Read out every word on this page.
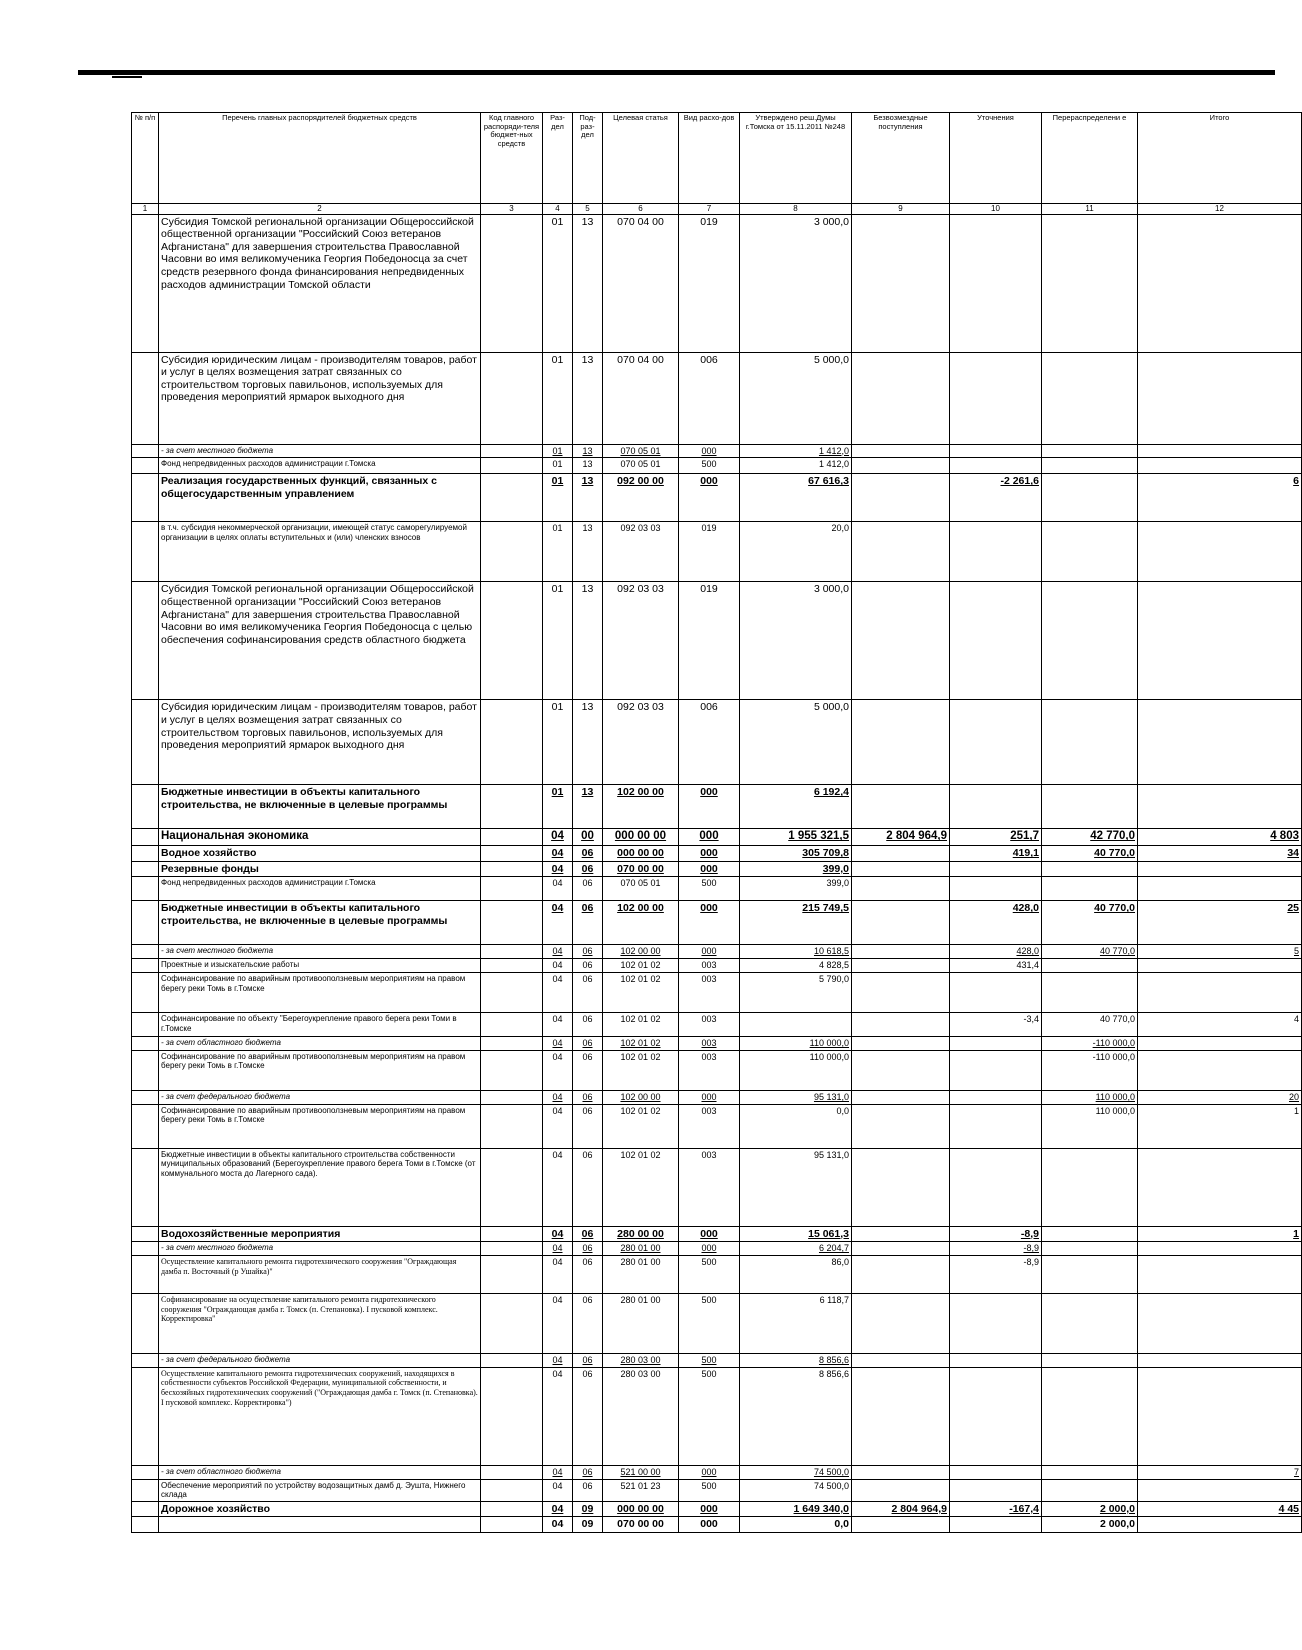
№ п/п	Перечень главных распорядителей бюджетных средств	Код главного распоряди-теля бюджет-ных средств	Раз-дел	Под-раз-дел	Целевая статья	Вид расхо-дов	Утверждено реш.Думы г.Томска от 15.11.2011 №248	Безвозмездные поступления	Уточнения	Перераспределени е	Итого
1	2	3	4	5	6	7	8	9	10	11	12
	Субсидия Томской региональной организации Общероссийской общественной организации "Российский Союз ветеранов Афганистана" для завершения строительства Православной Часовни во имя великомученика Георгия Победоносца за счет средств резервного фонда финансирования непредвиденных расходов администрации Томской области		01	13	070 04 00	019	3 000,0				
	Субсидия юридическим лицам - производителям товаров, работ и услуг в целях возмещения затрат связанных со строительством торговых павильонов, используемых для проведения мероприятий ярмарок выходного дня		01	13	070 04 00	006	5 000,0				
	- за счет местного бюджета		01	13	070 05 01	000	1 412,0				
	Фонд непредвиденных расходов администрации г.Томска		01	13	070 05 01	500	1 412,0				
	Реализация государственных функций, связанных с общегосударственным управлением		01	13	092 00 00	000	67 616,3		-2 261,6		6
	в т.ч. субсидия некоммерческой организации, имеющей статус саморегулируемой организации в целях оплаты вступительных и (или) членских взносов		01	13	092 03 03	019	20,0				
	Субсидия Томской региональной организации Общероссийской общественной организации "Российский Союз ветеранов Афганистана" для завершения строительства Православной Часовни во имя великомученика Георгия Победоносца с целью обеспечения софинансирования средств областного бюджета		01	13	092 03 03	019	3 000,0				
	Субсидия юридическим лицам - производителям товаров, работ и услуг в целях возмещения затрат связанных со строительством торговых павильонов, используемых для проведения мероприятий ярмарок выходного дня		01	13	092 03 03	006	5 000,0				
	Бюджетные инвестиции в объекты капитального строительства, не включенные в целевые программы		01	13	102 00 00	000	6 192,4				
	Национальная экономика		04	00	000 00 00	000	1 955 321,5	2 804 964,9	251,7	42 770,0	4 803
	Водное хозяйство		04	06	000 00 00	000	305 709,8		419,1	40 770,0	34
	Резервные фонды		04	06	070 00 00	000	399,0				
	Фонд непредвиденных расходов администрации г.Томска		04	06	070 05 01	500	399,0				
	Бюджетные инвестиции в объекты капитального строительства, не включенные в целевые программы		04	06	102 00 00	000	215 749,5		428,0	40 770,0	25
	- за счет местного бюджета		04	06	102 00 00	000	10 618,5		428,0	40 770,0	5
	Проектные и изыскательские работы		04	06	102 01 02	003	4 828,5		431,4		
	Софинансирование по аварийным противооползневым мероприятиям на правом берегу реки Томь в г.Томске		04	06	102 01 02	003	5 790,0				
	Софинансирование по объекту "Берегоукрепление правого берега реки Томи в г.Томске		04	06	102 01 02	003			-3,4	40 770,0	4
	- за счет областного бюджета		04	06	102 01 02	003	110 000,0			-110 000,0	
	Софинансирование по аварийным противооползневым мероприятиям на правом берегу реки Томь в г.Томске		04	06	102 01 02	003	110 000,0			-110 000,0	
	- за счет федерального бюджета		04	06	102 00 00	000	95 131,0			110 000,0	20
	Софинансирование по аварийным противооползневым мероприятиям на правом берегу реки Томь в г.Томске		04	06	102 01 02	003	0,0			110 000,0	1
	Бюджетные инвестиции в объекты капитального строительства собственности муниципальных образований (Берегоукрепление правого берега Томи в г.Томске (от коммунального моста до Лагерного сада).		04	06	102 01 02	003	95 131,0				
	Водохозяйственные мероприятия		04	06	280 00 00	000	15 061,3		-8,9		1
	- за счет местного бюджета		04	06	280 01 00	000	6 204,7		-8,9		
	Осуществление капитального ремонта гидротехнического сооружения "Ограждающая дамба п. Восточный (р Ушайка)"		04	06	280 01 00	500	86,0		-8,9		
	Софинансирование на осуществление капитального ремонта гидротехнического сооружения "Ограждающая дамба г. Томск (п. Степановка). I пусковой комплекс. Корректировка"		04	06	280 01 00	500	6 118,7				
	- за счет федерального бюджета		04	06	280 03 00	500	8 856,6				
	Осуществление капитального ремонта гидротехнических сооружений, находящихся в собственности субъектов Российской Федерации, муниципальной собственности, и бесхозяйных гидротехнических сооружений ("Ограждающая дамба г. Томск (п. Степановка). I пусковой комплекс. Корректировка")		04	06	280 03 00	500	8 856,6				
	- за счет областного бюджета		04	06	521 00 00	000	74 500,0				7
	Обеспечение мероприятий по устройству водозащитных дамб д. Эушта, Нижнего склада		04	06	521 01 23	500	74 500,0				
	Дорожное хозяйство		04	09	000 00 00	000	1 649 340,0	2 804 964,9	-167,4	2 000,0	4 45
			04	09	070 00 00	000	0,0			2 000,0	
